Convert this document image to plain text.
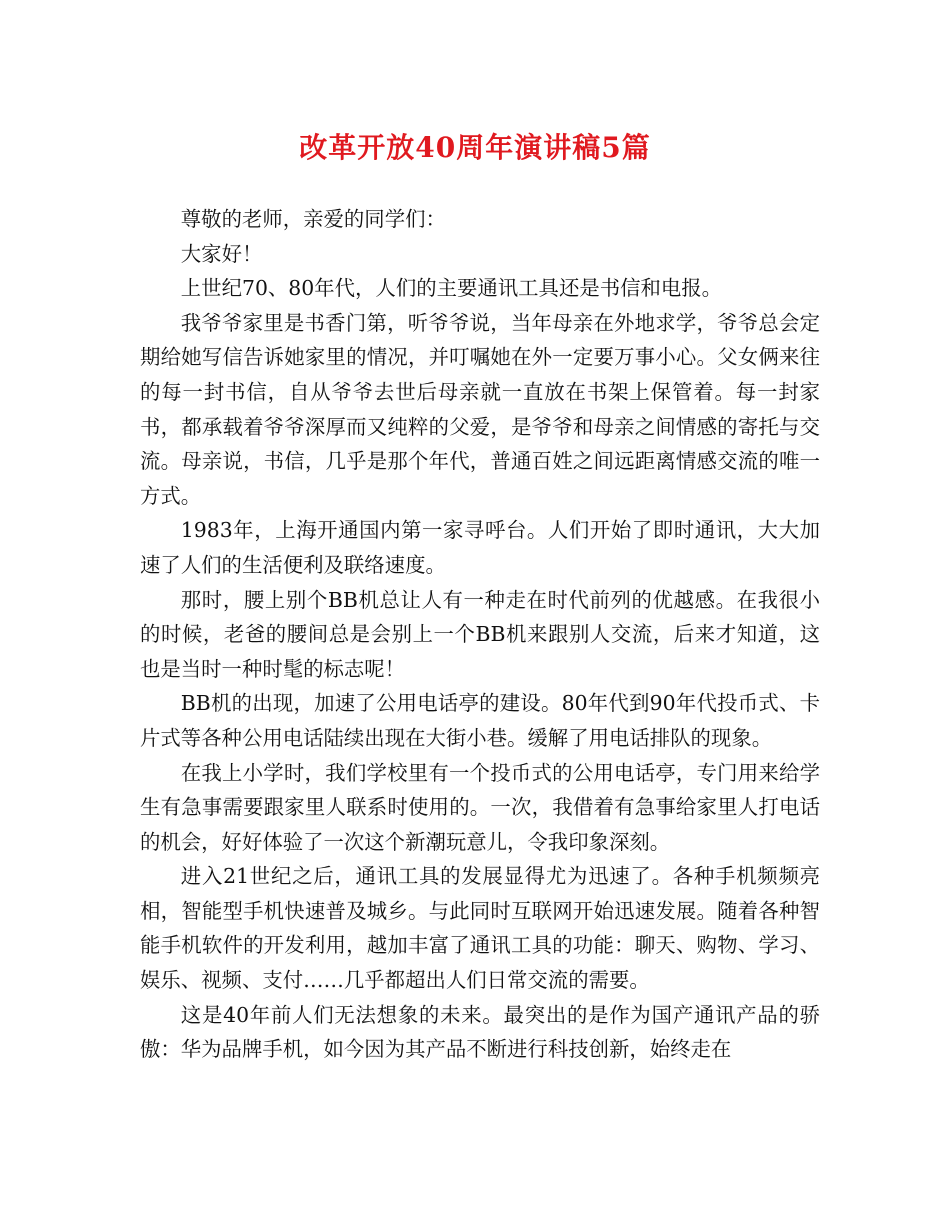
改革开放40周年演讲稿5篇

尊敬的老师，亲爱的同学们：

大家好！

上世纪70、80年代，人们的主要通讯工具还是书信和电报。

我爷爷家里是书香门第，听爷爷说，当年母亲在外地求学，爷爷总会定期给她写信告诉她家里的情况，并叮嘱她在外一定要万事小心。父女俩来往的每一封书信，自从爷爷去世后母亲就一直放在书架上保管着。每一封家书，都承载着爷爷深厚而又纯粹的父爱，是爷爷和母亲之间情感的寄托与交流。母亲说，书信，几乎是那个年代，普通百姓之间远距离情感交流的唯一方式。

1983年，上海开通国内第一家寻呼台。人们开始了即时通讯，大大加速了人们的生活便利及联络速度。

那时，腰上别个BB机总让人有一种走在时代前列的优越感。在我很小的时候，老爸的腰间总是会别上一个BB机来跟别人交流，后来才知道，这也是当时一种时髦的标志呢！

BB机的出现，加速了公用电话亭的建设。80年代到90年代投币式、卡片式等各种公用电话陆续出现在大街小巷。缓解了用电话排队的现象。

在我上小学时，我们学校里有一个投币式的公用电话亭，专门用来给学生有急事需要跟家里人联系时使用的。一次，我借着有急事给家里人打电话的机会，好好体验了一次这个新潮玩意儿，令我印象深刻。

进入21世纪之后，通讯工具的发展显得尤为迅速了。各种手机频频亮相，智能型手机快速普及城乡。与此同时互联网开始迅速发展。随着各种智能手机软件的开发利用，越加丰富了通讯工具的功能：聊天、购物、学习、娱乐、视频、支付……几乎都超出人们日常交流的需要。

这是40年前人们无法想象的未来。最突出的是作为国产通讯产品的骄傲：华为品牌手机，如今因为其产品不断进行科技创新，始终走在
